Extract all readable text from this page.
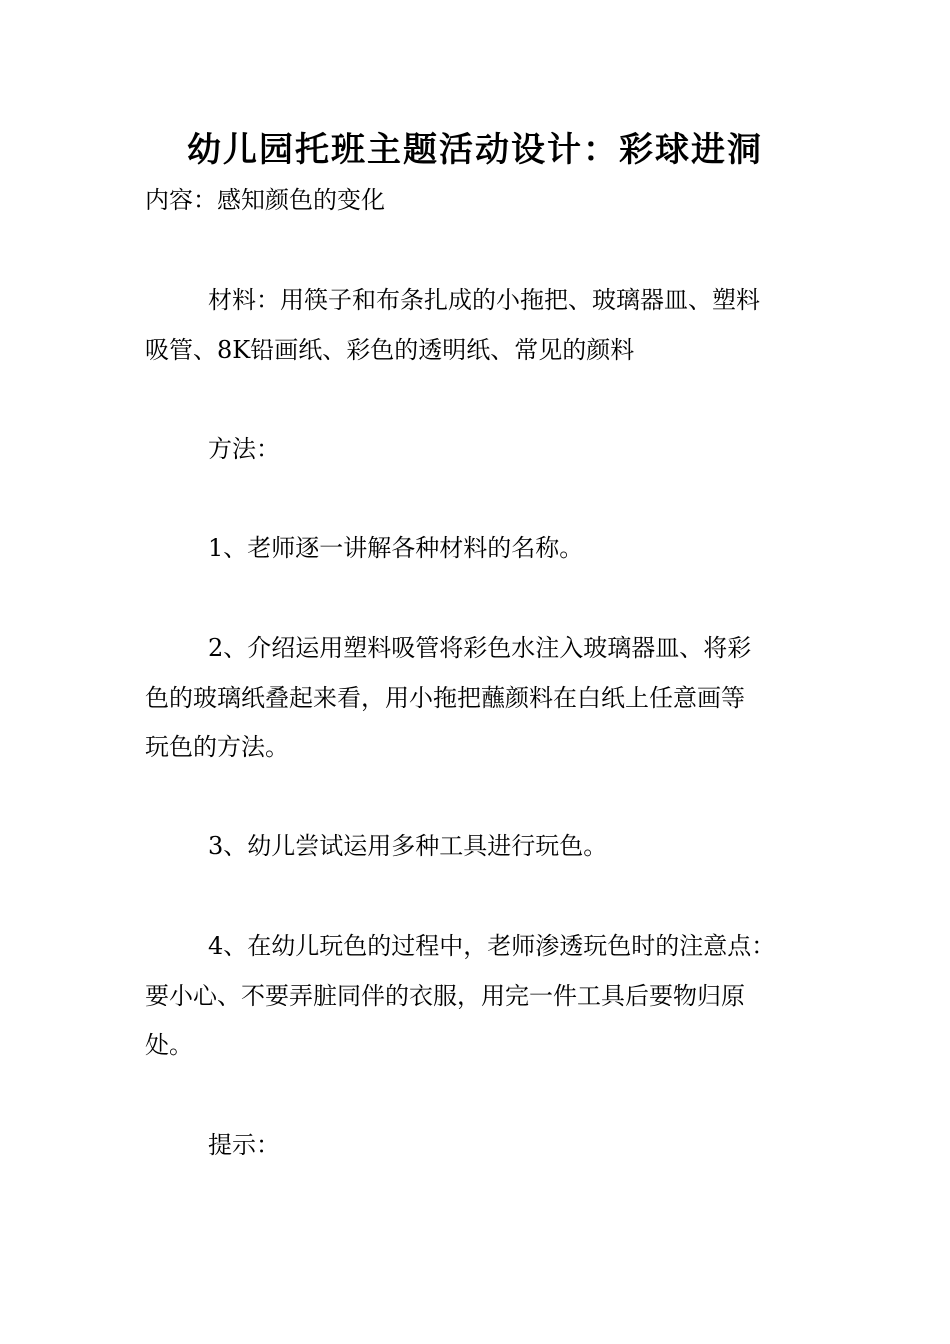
幼儿园托班主题活动设计：彩球进洞
内容：感知颜色的变化
材料：用筷子和布条扎成的小拖把、玻璃器皿、塑料
吸管、8K铅画纸、彩色的透明纸、常见的颜料
方法：
1、老师逐一讲解各种材料的名称。
2、介绍运用塑料吸管将彩色水注入玻璃器皿、将彩
色的玻璃纸叠起来看，用小拖把蘸颜料在白纸上任意画等
玩色的方法。
3、幼儿尝试运用多种工具进行玩色。
4、在幼儿玩色的过程中，老师渗透玩色时的注意点：
要小心、不要弄脏同伴的衣服，用完一件工具后要物归原
处。
提示：
